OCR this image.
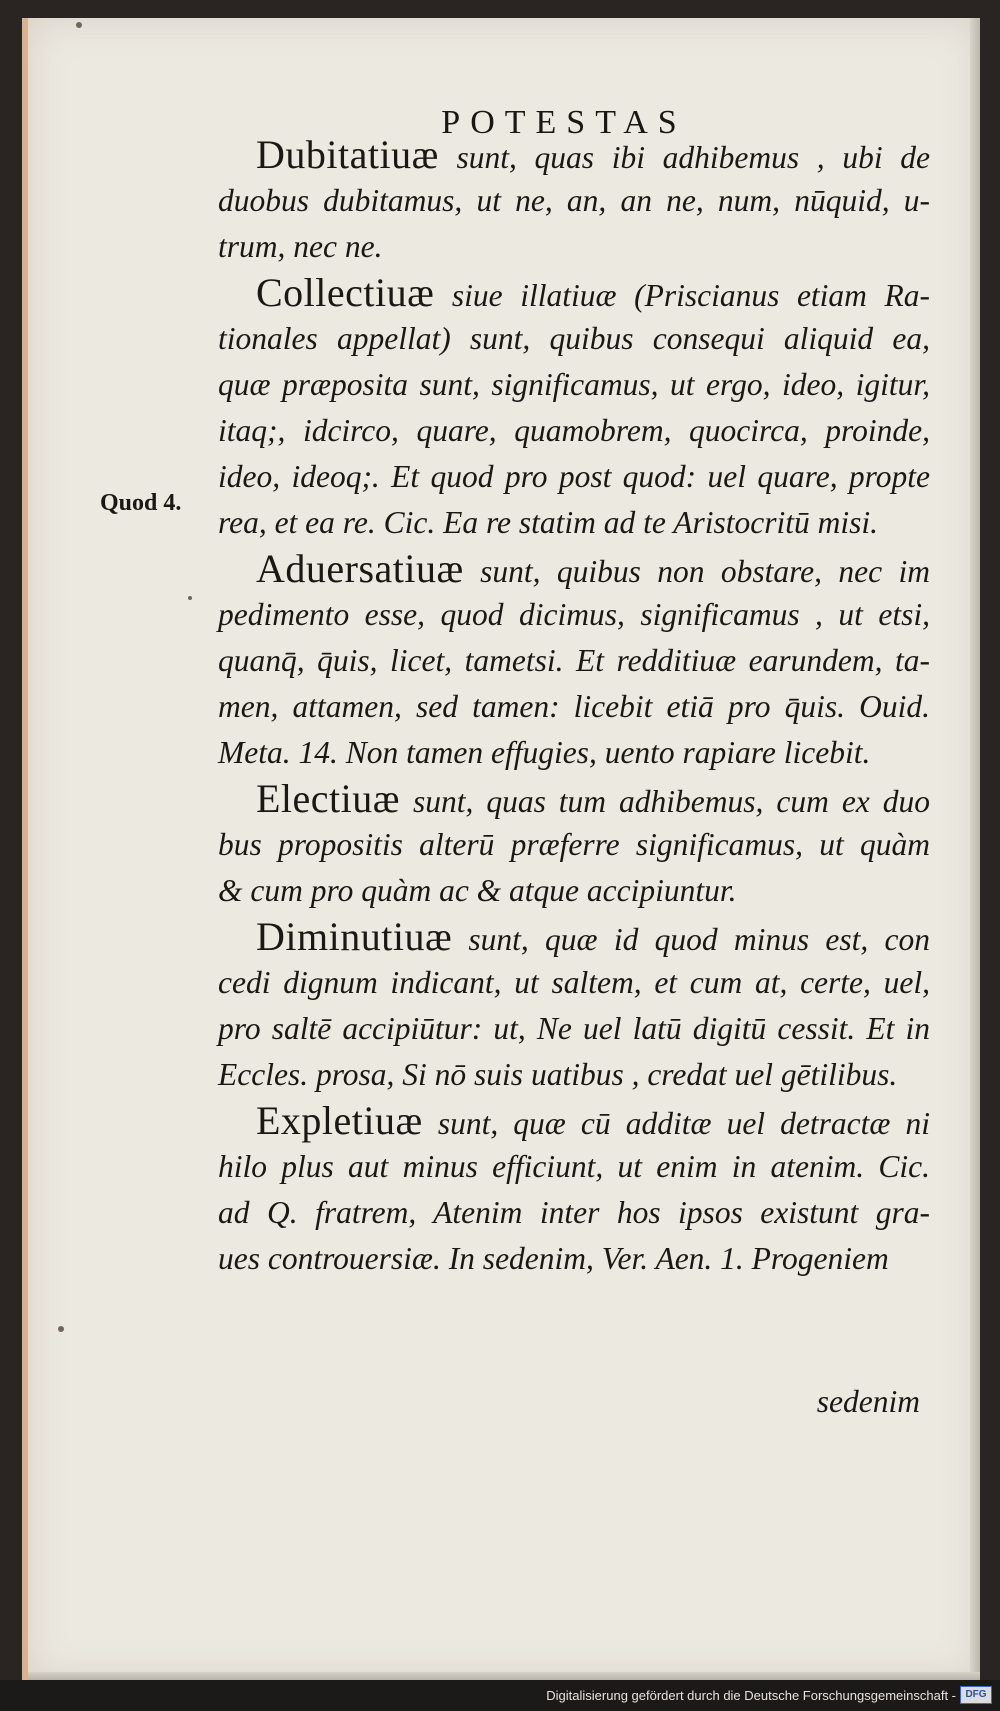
POTESTAS
Quod 4.
Dubitatiuæ sunt, quas ibi adhibemus , ubi de
duobus dubitamus, ut ne, an, an ne, num, nūquid, u-
trum, nec ne.
Collectiuæ siue illatiuæ (Priscianus etiam Ra-
tionales appellat) sunt, quibus consequi aliquid ea,
quæ præposita sunt, significamus, ut ergo, ideo, igitur,
itaq;, idcirco, quare, quamobrem, quocirca, proinde,
ideo, ideoq;. Et quod pro post quod: uel quare, propte
rea, et ea re. Cic. Ea re statim ad te Aristocritū misi.
Aduersatiuæ sunt, quibus non obstare, nec im
pedimento esse, quod dicimus, significamus , ut etsi,
quanq̄, q̄uis, licet, tametsi. Et redditiuæ earundem, ta-
men, attamen, sed tamen: licebit etiā pro q̄uis. Ouid.
Meta. 14. Non tamen effugies, uento rapiare licebit.
Electiuæ sunt, quas tum adhibemus, cum ex duo
bus propositis alterū præferre significamus, ut quàm
& cum pro quàm ac & atque accipiuntur.
Diminutiuæ sunt, quæ id quod minus est, con
cedi dignum indicant, ut saltem, et cum at, certe, uel,
pro saltē accipiūtur: ut, Ne uel latū digitū cessit. Et in
Eccles. prosa, Si nō suis uatibus , credat uel gētilibus.
Expletiuæ sunt, quæ cū additæ uel detractæ ni
hilo plus aut minus efficiunt, ut enim in atenim. Cic.
ad Q. fratrem, Atenim inter hos ipsos existunt gra-
ues controuersiæ. In sedenim, Ver. Aen. 1. Progeniem
sedenim
Digitalisierung gefördert durch die Deutsche Forschungsgemeinschaft - DFG
